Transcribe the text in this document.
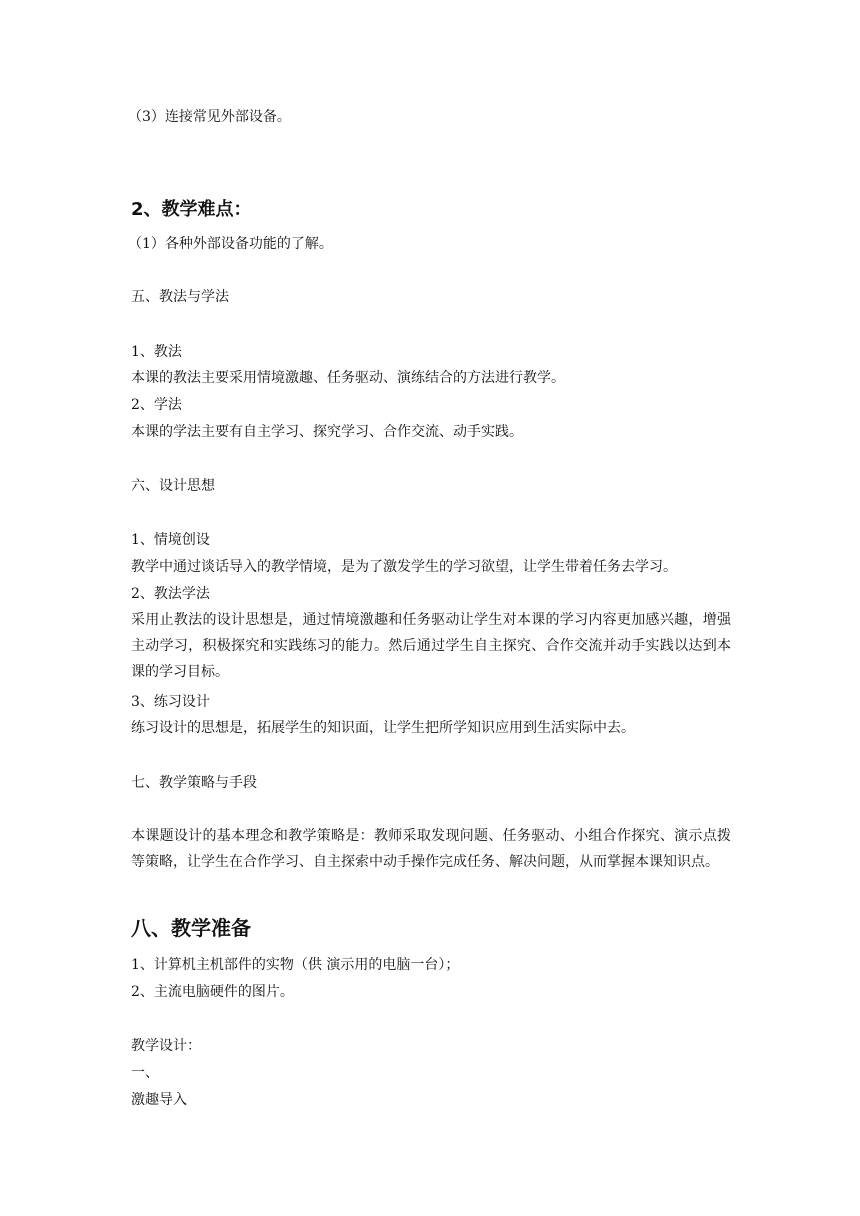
（3）连接常见外部设备。
2、教学难点：
（1）各种外部设备功能的了解。
五、教法与学法
1、教法
本课的教法主要采用情境激趣、任务驱动、演练结合的方法进行教学。
2、学法
本课的学法主要有自主学习、探究学习、合作交流、动手实践。
六、设计思想
1、情境创设
教学中通过谈话导入的教学情境，是为了激发学生的学习欲望，让学生带着任务去学习。
2、教法学法
采用止教法的设计思想是，通过情境激趣和任务驱动让学生对本课的学习内容更加感兴趣，增强主动学习，积极探究和实践练习的能力。然后通过学生自主探究、合作交流并动手实践以达到本课的学习目标。
3、练习设计
练习设计的思想是，拓展学生的知识面，让学生把所学知识应用到生活实际中去。
七、教学策略与手段
本课题设计的基本理念和教学策略是：教师采取发现问题、任务驱动、小组合作探究、演示点拨等策略，让学生在合作学习、自主探索中动手操作完成任务、解决问题，从而掌握本课知识点。
八、教学准备
1、计算机主机部件的实物（供 演示用的电脑一台）；
2、主流电脑硬件的图片。
教学设计：
一、
激趣导入
